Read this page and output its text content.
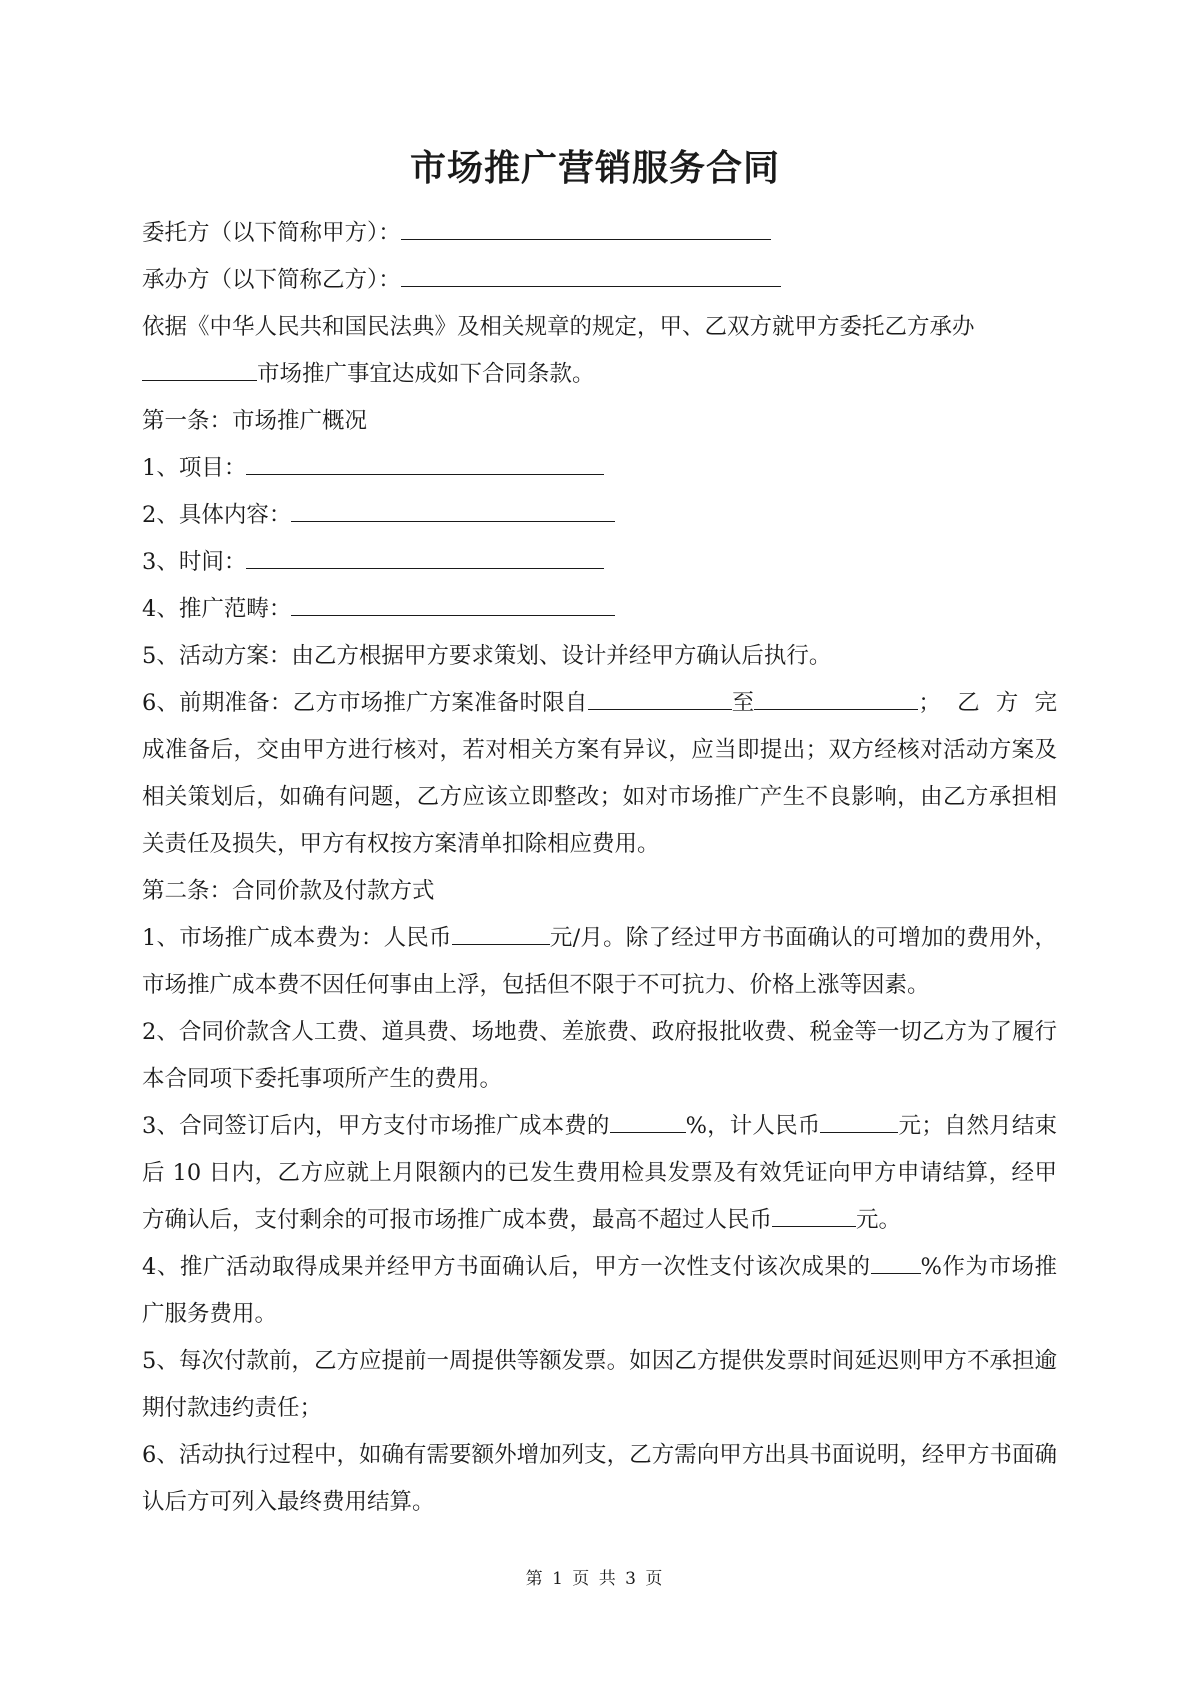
市场推广营销服务合同
委托方（以下简称甲方）：
承办方（以下简称乙方）：
依据《中华人民共和国民法典》及相关规章的规定，甲、乙双方就甲方委托乙方承办
市场推广事宜达成如下合同条款。
第一条：市场推广概况
1、项目：
2、具体内容：
3、时间：
4、推广范畴：
5、活动方案：由乙方根据甲方要求策划、设计并经甲方确认后执行。
6、前期准备：乙方市场推广方案准备时限自	至	；乙方完成准备后，交由甲方进行核对，若对相关方案有异议，应当即提出；双方经核对活动方案及相关策划后，如确有问题，乙方应该立即整改；如对市场推广产生不良影响，由乙方承担相关责任及损失，甲方有权按方案清单扣除相应费用。
第二条：合同价款及付款方式
1、市场推广成本费为：人民币	元/月。除了经过甲方书面确认的可增加的费用外，市场推广成本费不因任何事由上浮，包括但不限于不可抗力、价格上涨等因素。
2、合同价款含人工费、道具费、场地费、差旅费、政府报批收费、税金等一切乙方为了履行本合同项下委托事项所产生的费用。
3、合同签订后内，甲方支付市场推广成本费的	%，计人民币	元；自然月结束后 10 日内，乙方应就上月限额内的已发生费用检具发票及有效凭证向甲方申请结算，经甲方确认后，支付剩余的可报市场推广成本费，最高不超过人民币	元。
4、推广活动取得成果并经甲方书面确认后，甲方一次性支付该次成果的 %作为市场推广服务费用。
5、每次付款前，乙方应提前一周提供等额发票。如因乙方提供发票时间延迟则甲方不承担逾期付款违约责任；
6、活动执行过程中，如确有需要额外增加列支，乙方需向甲方出具书面说明，经甲方书面确认后方可列入最终费用结算。
第 1 页 共 3 页
